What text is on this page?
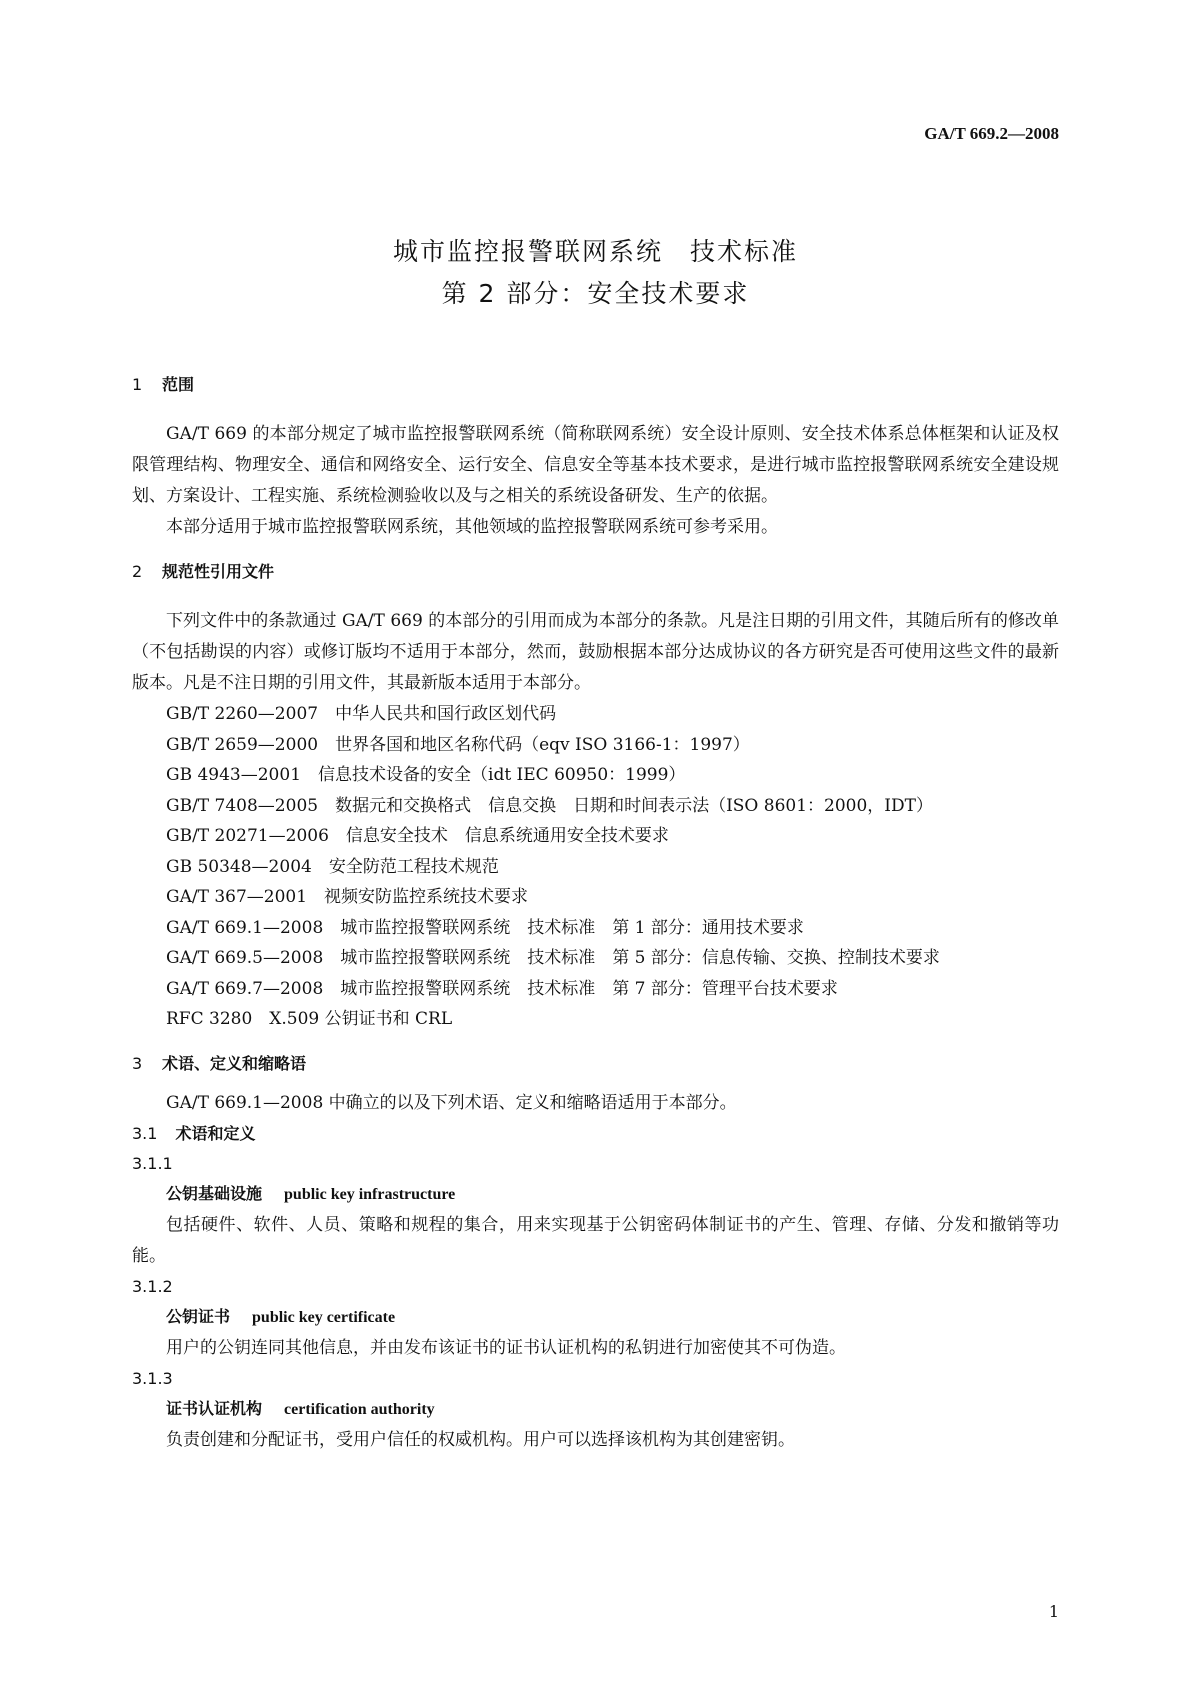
GA/T 669.2—2008
城市监控报警联网系统　技术标准
第 2 部分：安全技术要求
1 范围

GA/T 669 的本部分规定了城市监控报警联网系统（简称联网系统）安全设计原则、安全技术体系总体框架和认证及权限管理结构、物理安全、通信和网络安全、运行安全、信息安全等基本技术要求，是进行城市监控报警联网系统安全建设规划、方案设计、工程实施、系统检测验收以及与之相关的系统设备研发、生产的依据。

本部分适用于城市监控报警联网系统，其他领域的监控报警联网系统可参考采用。

2 规范性引用文件

下列文件中的条款通过 GA/T 669 的本部分的引用而成为本部分的条款。凡是注日期的引用文件，其随后所有的修改单（不包括勘误的内容）或修订版均不适用于本部分，然而，鼓励根据本部分达成协议的各方研究是否可使用这些文件的最新版本。凡是不注日期的引用文件，其最新版本适用于本部分。

GB/T 2260—2007　中华人民共和国行政区划代码
GB/T 2659—2000　世界各国和地区名称代码（eqv ISO 3166-1：1997）
GB 4943—2001　信息技术设备的安全（idt IEC 60950：1999）
GB/T 7408—2005　数据元和交换格式　信息交换　日期和时间表示法（ISO 8601：2000，IDT）
GB/T 20271—2006　信息安全技术　信息系统通用安全技术要求
GB 50348—2004　安全防范工程技术规范
GA/T 367—2001　视频安防监控系统技术要求
GA/T 669.1—2008　城市监控报警联网系统　技术标准　第 1 部分：通用技术要求
GA/T 669.5—2008　城市监控报警联网系统　技术标准　第 5 部分：信息传输、交换、控制技术要求
GA/T 669.7—2008　城市监控报警联网系统　技术标准　第 7 部分：管理平台技术要求
RFC 3280　X.509 公钥证书和 CRL
3 术语、定义和缩略语

GA/T 669.1—2008 中确立的以及下列术语、定义和缩略语适用于本部分。

3.1 术语和定义
3.1.1
公钥基础设施 public key infrastructure

包括硬件、软件、人员、策略和规程的集合，用来实现基于公钥密码体制证书的产生、管理、存储、分发和撤销等功能。

3.1.2
公钥证书 public key certificate

用户的公钥连同其他信息，并由发布该证书的证书认证机构的私钥进行加密使其不可伪造。

3.1.3
证书认证机构 certification authority

负责创建和分配证书，受用户信任的权威机构。用户可以选择该机构为其创建密钥。

1
